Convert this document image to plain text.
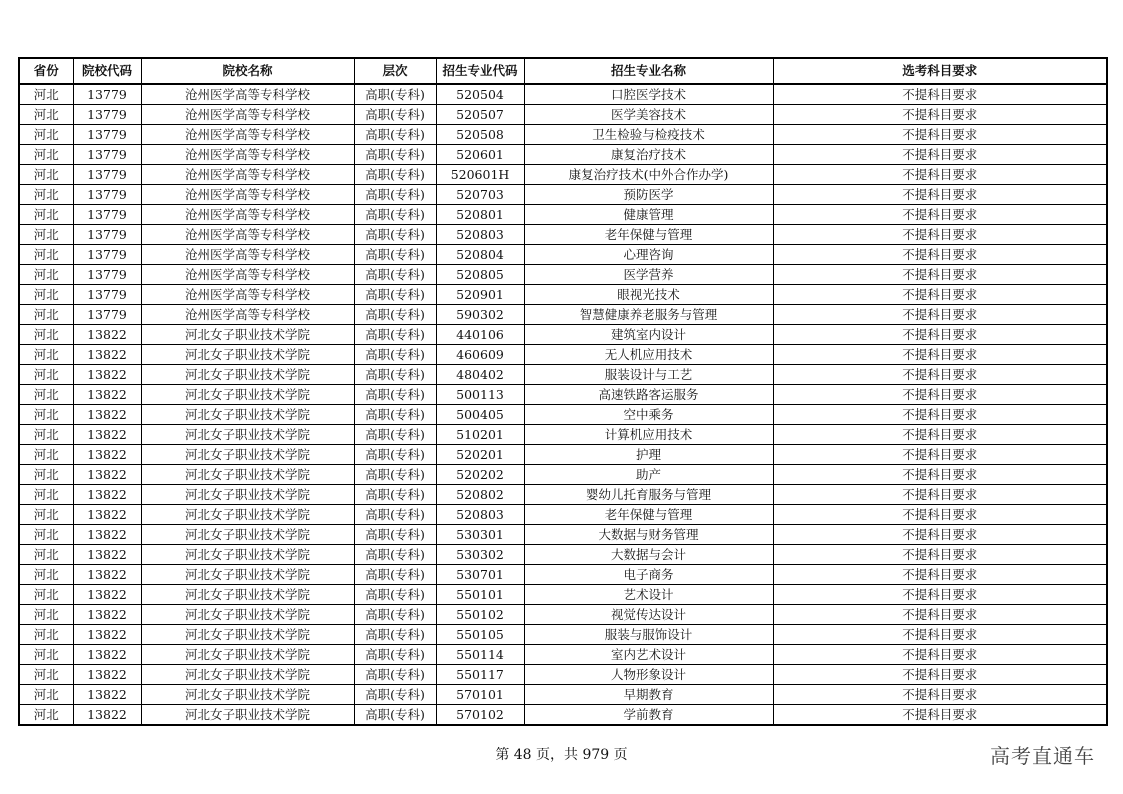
省份	院校代码	院校名称	层次	招生专业代码	招生专业名称	选考科目要求
河北	13779	沧州医学高等专科学校	高职(专科)	520504	口腔医学技术	不提科目要求
河北	13779	沧州医学高等专科学校	高职(专科)	520507	医学美容技术	不提科目要求
河北	13779	沧州医学高等专科学校	高职(专科)	520508	卫生检验与检疫技术	不提科目要求
河北	13779	沧州医学高等专科学校	高职(专科)	520601	康复治疗技术	不提科目要求
河北	13779	沧州医学高等专科学校	高职(专科)	520601H	康复治疗技术(中外合作办学)	不提科目要求
河北	13779	沧州医学高等专科学校	高职(专科)	520703	预防医学	不提科目要求
河北	13779	沧州医学高等专科学校	高职(专科)	520801	健康管理	不提科目要求
河北	13779	沧州医学高等专科学校	高职(专科)	520803	老年保健与管理	不提科目要求
河北	13779	沧州医学高等专科学校	高职(专科)	520804	心理咨询	不提科目要求
河北	13779	沧州医学高等专科学校	高职(专科)	520805	医学营养	不提科目要求
河北	13779	沧州医学高等专科学校	高职(专科)	520901	眼视光技术	不提科目要求
河北	13779	沧州医学高等专科学校	高职(专科)	590302	智慧健康养老服务与管理	不提科目要求
河北	13822	河北女子职业技术学院	高职(专科)	440106	建筑室内设计	不提科目要求
河北	13822	河北女子职业技术学院	高职(专科)	460609	无人机应用技术	不提科目要求
河北	13822	河北女子职业技术学院	高职(专科)	480402	服装设计与工艺	不提科目要求
河北	13822	河北女子职业技术学院	高职(专科)	500113	高速铁路客运服务	不提科目要求
河北	13822	河北女子职业技术学院	高职(专科)	500405	空中乘务	不提科目要求
河北	13822	河北女子职业技术学院	高职(专科)	510201	计算机应用技术	不提科目要求
河北	13822	河北女子职业技术学院	高职(专科)	520201	护理	不提科目要求
河北	13822	河北女子职业技术学院	高职(专科)	520202	助产	不提科目要求
河北	13822	河北女子职业技术学院	高职(专科)	520802	婴幼儿托育服务与管理	不提科目要求
河北	13822	河北女子职业技术学院	高职(专科)	520803	老年保健与管理	不提科目要求
河北	13822	河北女子职业技术学院	高职(专科)	530301	大数据与财务管理	不提科目要求
河北	13822	河北女子职业技术学院	高职(专科)	530302	大数据与会计	不提科目要求
河北	13822	河北女子职业技术学院	高职(专科)	530701	电子商务	不提科目要求
河北	13822	河北女子职业技术学院	高职(专科)	550101	艺术设计	不提科目要求
河北	13822	河北女子职业技术学院	高职(专科)	550102	视觉传达设计	不提科目要求
河北	13822	河北女子职业技术学院	高职(专科)	550105	服装与服饰设计	不提科目要求
河北	13822	河北女子职业技术学院	高职(专科)	550114	室内艺术设计	不提科目要求
河北	13822	河北女子职业技术学院	高职(专科)	550117	人物形象设计	不提科目要求
河北	13822	河北女子职业技术学院	高职(专科)	570101	早期教育	不提科目要求
河北	13822	河北女子职业技术学院	高职(专科)	570102	学前教育	不提科目要求
第 48 页，共 979 页	高考直通车
